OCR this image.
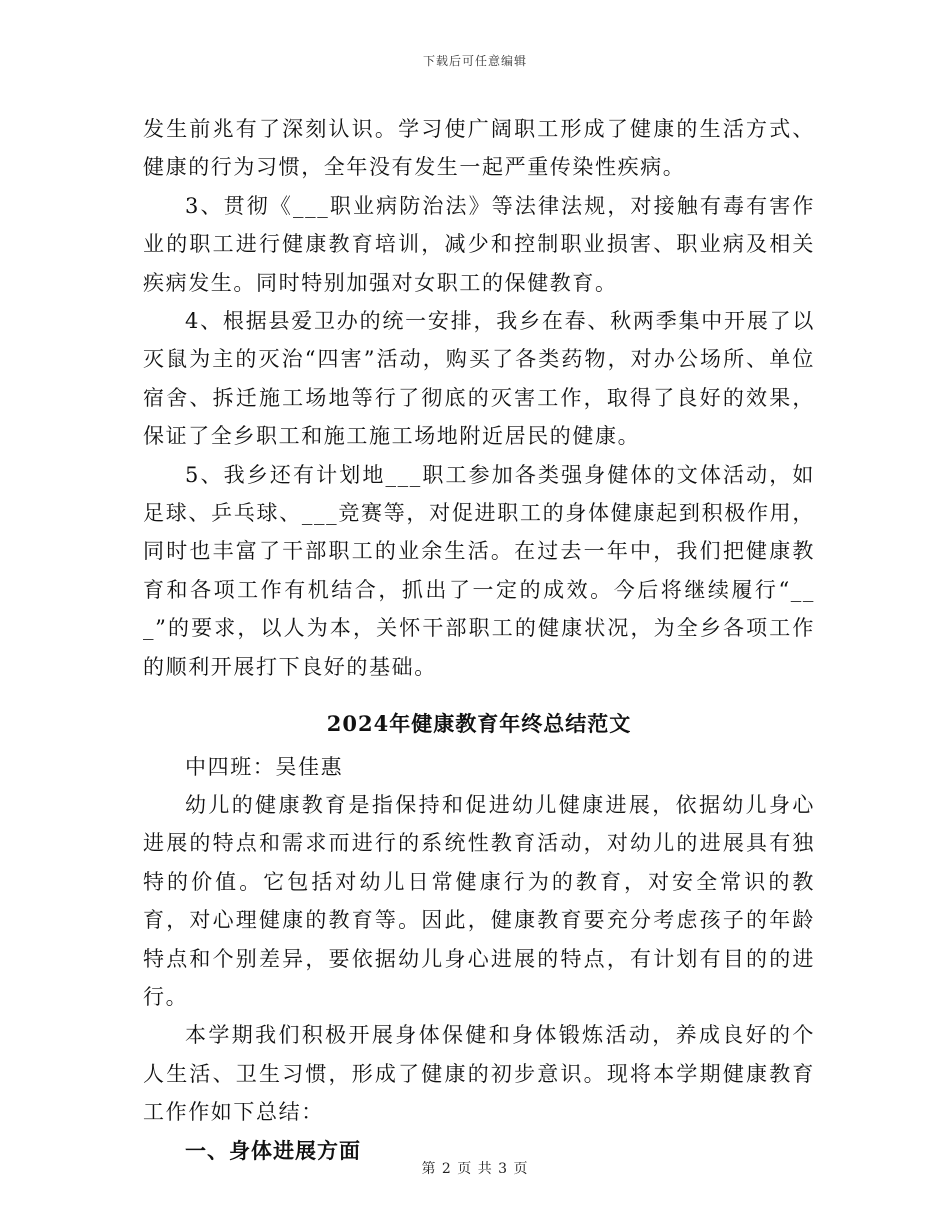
下载后可任意编辑

发生前兆有了深刻认识。学习使广阔职工形成了健康的生活方式、健康的行为习惯，全年没有发生一起严重传染性疾病。

3、贯彻《___职业病防治法》等法律法规，对接触有毒有害作业的职工进行健康教育培训，减少和控制职业损害、职业病及相关疾病发生。同时特别加强对女职工的保健教育。

4、根据县爱卫办的统一安排，我乡在春、秋两季集中开展了以灭鼠为主的灭治“四害”活动，购买了各类药物，对办公场所、单位宿舍、拆迁施工场地等行了彻底的灭害工作，取得了良好的效果，保证了全乡职工和施工施工场地附近居民的健康。

5、我乡还有计划地___职工参加各类强身健体的文体活动，如足球、乒乓球、___竞赛等，对促进职工的身体健康起到积极作用，同时也丰富了干部职工的业余生活。在过去一年中，我们把健康教育和各项工作有机结合，抓出了一定的成效。今后将继续履行“___”的要求，以人为本，关怀干部职工的健康状况，为全乡各项工作的顺利开展打下良好的基础。

2024年健康教育年终总结范文

中四班：吴佳惠

幼儿的健康教育是指保持和促进幼儿健康进展，依据幼儿身心进展的特点和需求而进行的系统性教育活动，对幼儿的进展具有独特的价值。它包括对幼儿日常健康行为的教育，对安全常识的教育，对心理健康的教育等。因此，健康教育要充分考虑孩子的年龄特点和个别差异，要依据幼儿身心进展的特点，有计划有目的的进行。

本学期我们积极开展身体保健和身体锻炼活动，养成良好的个人生活、卫生习惯，形成了健康的初步意识。现将本学期健康教育工作作如下总结：

一、身体进展方面

第 2 页 共 3 页
